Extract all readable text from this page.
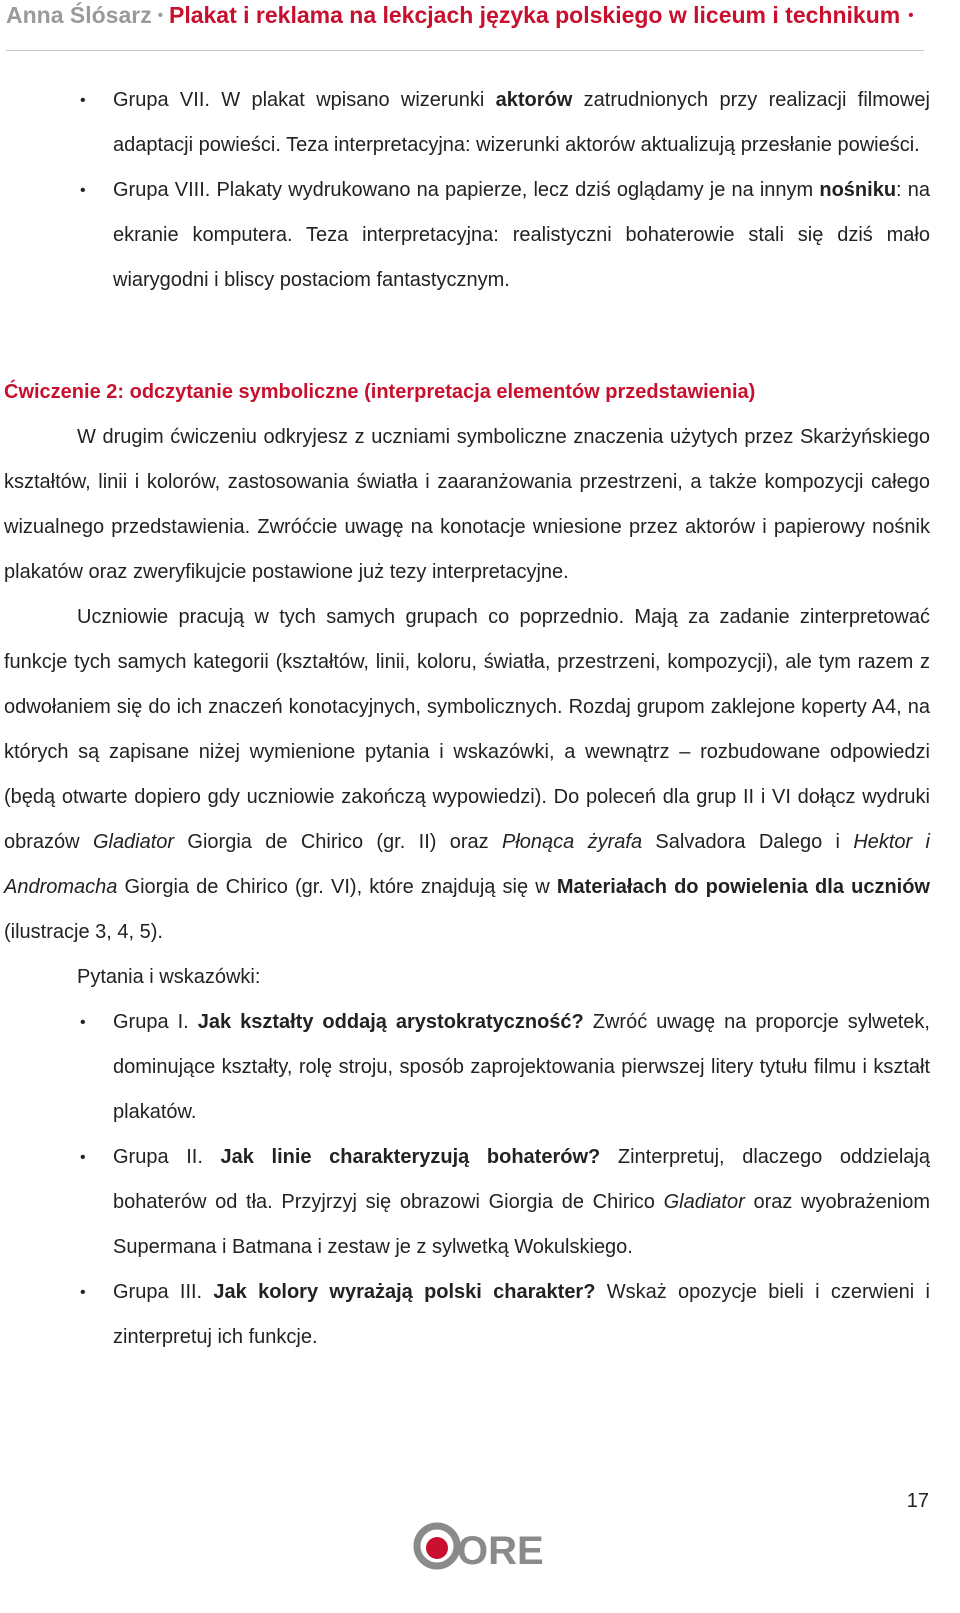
Anna Ślósarz • Plakat i reklama na lekcjach języka polskiego w liceum i technikum •
• Grupa VII. W plakat wpisano wizerunki aktorów zatrudnionych przy realizacji filmowej adaptacji powieści. Teza interpretacyjna: wizerunki aktorów aktualizują przesłanie powieści.
• Grupa VIII. Plakaty wydrukowano na papierze, lecz dziś oglądamy je na innym nośniku: na ekranie komputera. Teza interpretacyjna: realistyczni bohaterowie stali się dziś mało wiarygodni i bliscy postaciom fantastycznym.

Ćwiczenie 2: odczytanie symboliczne (interpretacja elementów przedstawienia)

W drugim ćwiczeniu odkryjesz z uczniami symboliczne znaczenia użytych przez Skarżyńskiego kształtów, linii i kolorów, zastosowania światła i zaaranżowania przestrzeni, a także kompozycji całego wizualnego przedstawienia. Zwróćcie uwagę na konotacje wniesione przez aktorów i papierowy nośnik plakatów oraz zweryfikujcie postawione już tezy interpretacyjne.

Uczniowie pracują w tych samych grupach co poprzednio. Mają za zadanie zinterpretować funkcje tych samych kategorii (kształtów, linii, koloru, światła, przestrzeni, kompozycji), ale tym razem z odwołaniem się do ich znaczeń konotacyjnych, symbolicznych. Rozdaj grupom zaklejone koperty A4, na których są zapisane niżej wymienione pytania i wskazówki, a wewnątrz – rozbudowane odpowiedzi (będą otwarte dopiero gdy uczniowie zakończą wypowiedzi). Do poleceń dla grup II i VI dołącz wydruki obrazów Gladiator Giorgia de Chirico (gr. II) oraz Płonąca żyrafa Salvadora Dalego i Hektor i Andromacha Giorgia de Chirico (gr. VI), które znajdują się w Materiałach do powielenia dla uczniów (ilustracje 3, 4, 5).

Pytania i wskazówki:

• Grupa I. Jak kształty oddają arystokratyczność? Zwróć uwagę na proporcje sylwetek, dominujące kształty, rolę stroju, sposób zaprojektowania pierwszej litery tytułu filmu i kształt plakatów.
• Grupa II. Jak linie charakteryzują bohaterów? Zinterpretuj, dlaczego oddzielają bohaterów od tła. Przyjrzyj się obrazowi Giorgia de Chirico Gladiator oraz wyobrażeniom Supermana i Batmana i zestaw je z sylwetką Wokulskiego.
• Grupa III. Jak kolory wyrażają polski charakter? Wskaż opozycje bieli i czerwieni i zinterpretuj ich funkcje.
17
ORE
